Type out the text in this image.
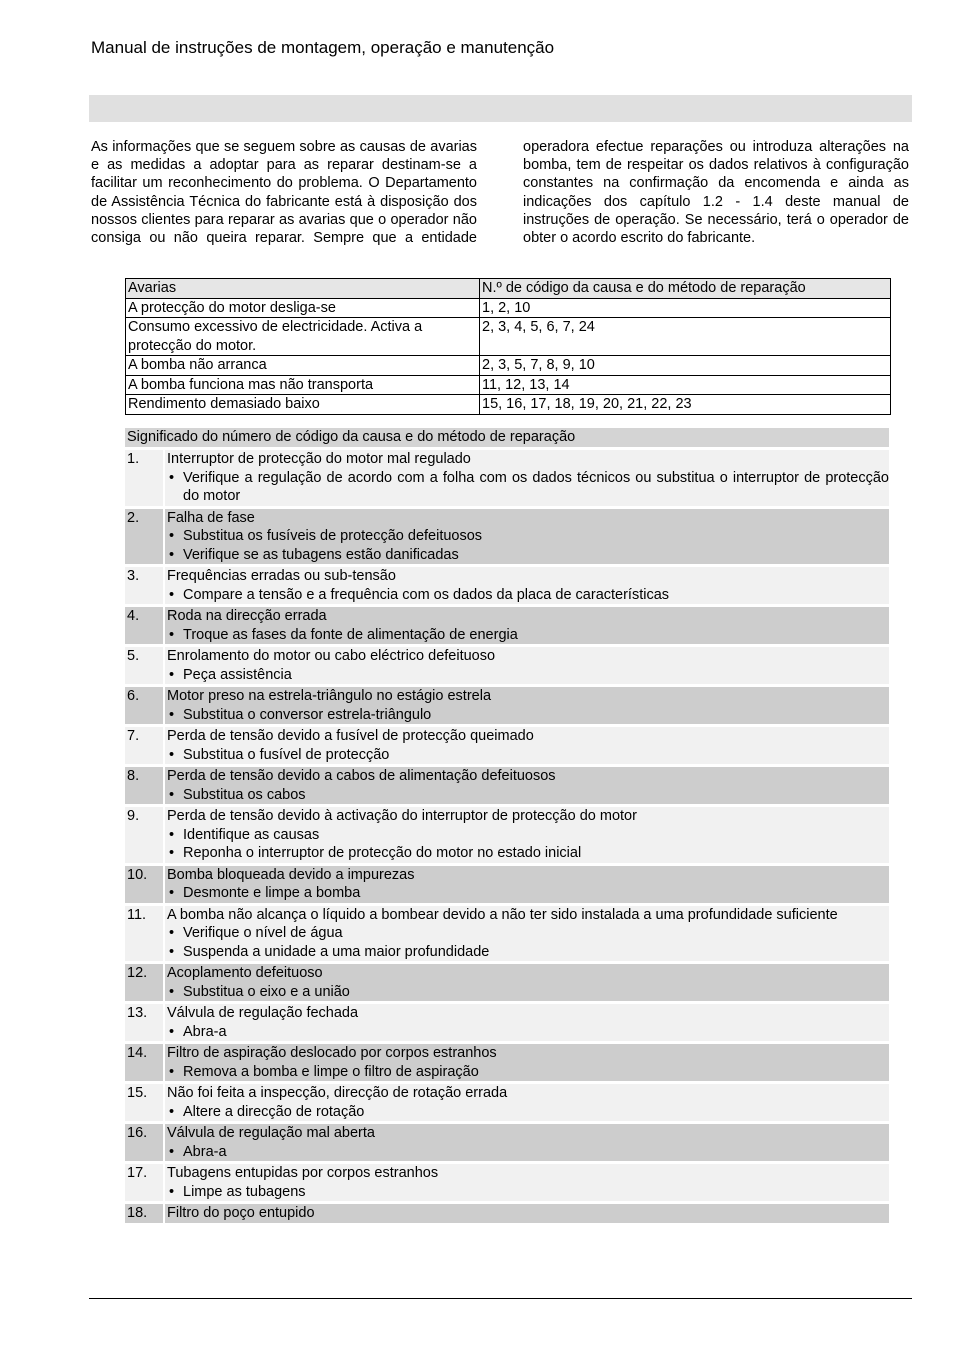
Manual de instruções de montagem, operação e manutenção

As informações que se seguem sobre as causas de avarias e as medidas a adoptar para as reparar destinam-se a facilitar um reconhecimento do problema. O Departamento de Assistência Técnica do fabricante está à disposição dos nossos clientes para reparar as avarias que o operador não consiga ou não queira reparar. Sempre que a entidade operadora efectue reparações ou introduza alterações na bomba, tem de respeitar os dados relativos à configuração constantes na confirmação da encomenda e ainda as indicações dos capítulo 1.2 - 1.4 deste manual de instruções de operação. Se necessário, terá o operador de obter o acordo escrito do fabricante.

Avarias	N.º de código da causa e do método de reparação
A protecção do motor desliga-se	1, 2, 10
Consumo excessivo de electricidade. Activa a protecção do motor.	2, 3, 4, 5, 6, 7, 24
A bomba não arranca	2, 3, 5, 7, 8, 9, 10
A bomba funciona mas não transporta	11, 12, 13, 14
Rendimento demasiado baixo	15, 16, 17, 18, 19, 20, 21, 22, 23
Significado do número de código da causa e do método de reparação
1.	Interruptor de protecção do motor mal regulado
• Verifique a regulação de acordo com a folha com os dados técnicos ou substitua o interruptor de protecção do motor
2.	Falha de fase
• Substitua os fusíveis de protecção defeituosos
• Verifique se as tubagens estão danificadas
3.	Frequências erradas ou sub-tensão
• Compare a tensão e a frequência com os dados da placa de características
4.	Roda na direcção errada
• Troque as fases da fonte de alimentação de energia
5.	Enrolamento do motor ou cabo eléctrico defeituoso
• Peça assistência
6.	Motor preso na estrela-triângulo no estágio estrela
• Substitua o conversor estrela-triângulo
7.	Perda de tensão devido a fusível de protecção queimado
• Substitua o fusível de protecção
8.	Perda de tensão devido a cabos de alimentação defeituosos
• Substitua os cabos
9.	Perda de tensão devido à activação do interruptor de protecção do motor
• Identifique as causas
• Reponha o interruptor de protecção do motor no estado inicial
10.	Bomba bloqueada devido a impurezas
• Desmonte e limpe a bomba
11.	A bomba não alcança o líquido a bombear devido a não ter sido instalada a uma profundidade suficiente
• Verifique o nível de água
• Suspenda a unidade a uma maior profundidade
12.	Acoplamento defeituoso
• Substitua o eixo e a união
13.	Válvula de regulação fechada
• Abra-a
14.	Filtro de aspiração deslocado por corpos estranhos
• Remova a bomba e limpe o filtro de aspiração
15.	Não foi feita a inspecção, direcção de rotação errada
• Altere a direcção de rotação
16.	Válvula de regulação mal aberta
• Abra-a
17.	Tubagens entupidas por corpos estranhos
• Limpe as tubagens
18.	Filtro do poço entupido
